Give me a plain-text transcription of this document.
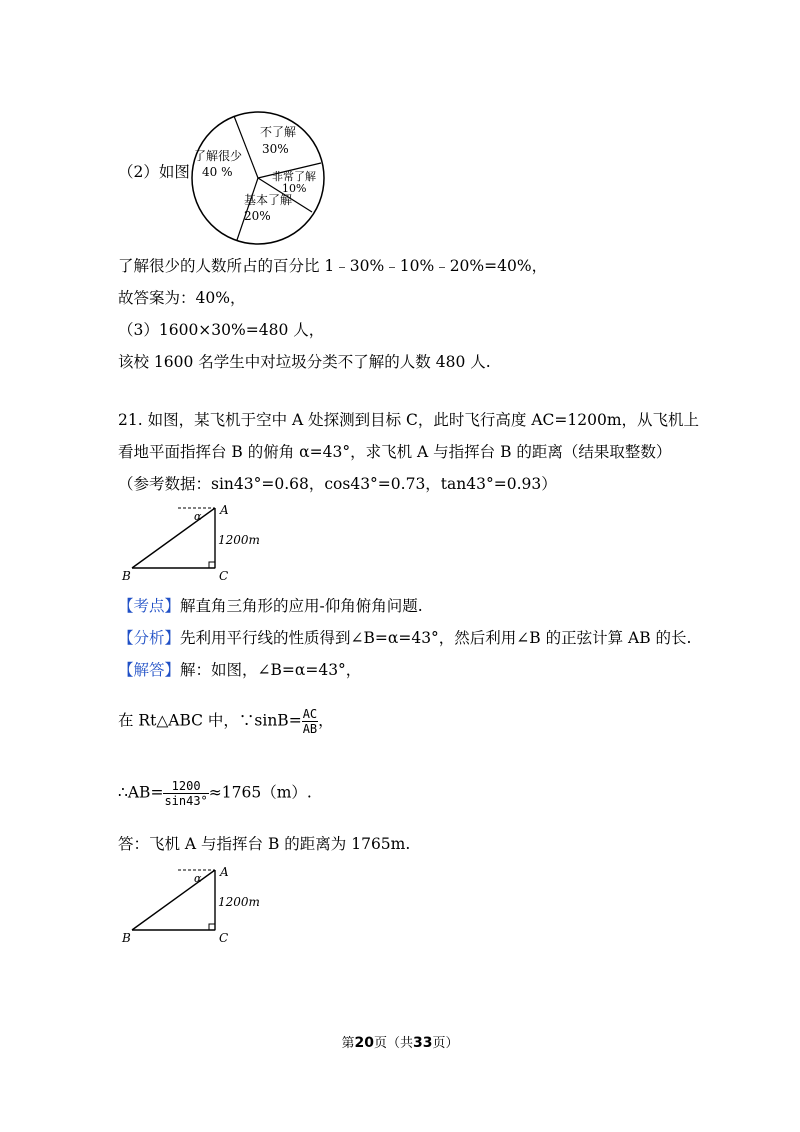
（2）如图
不了解
30%
非常了解
10%
基本了解
20%
了解很少
40 %
了解很少的人数所占的百分比 1﹣30%﹣10%﹣20%=40%，
故答案为：40%，
（3）1600×30%=480 人，
该校 1600 名学生中对垃圾分类不了解的人数 480 人.
21. 如图，某飞机于空中 A 处探测到目标 C，此时飞行高度 AC=1200m，从飞机上
看地平面指挥台 B 的俯角 α=43°，求飞机 A 与指挥台 B 的距离（结果取整数）
（参考数据：sin43°=0.68，cos43°=0.73，tan43°=0.93）
α A
1200m
B	C
【考点】解直角三角形的应用-仰角俯角问题.
【分析】先利用平行线的性质得到∠B=α=43°，然后利用∠B 的正弦计算 AB 的长.
【解答】解：如图，∠B=α=43°，
在 Rt△ABC 中，∵sinB= $\frac{AC}{AB}$ ，
∴AB= $\frac{1200}{\sin 43^\circ} \approx 1765(m)$.
答：飞机 A 与指挥台 B 的距离为 1765m.
α A
1200m
B	C
第20页（共33页）
